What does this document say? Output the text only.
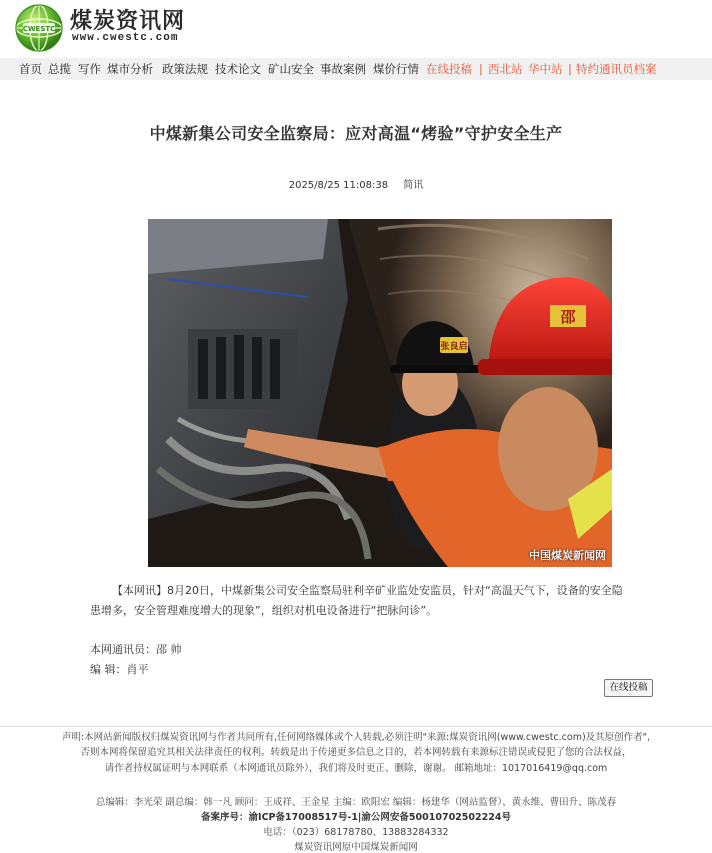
CWESTC 煤炭资讯网
www.cwestc.com
首页 总揽 写作 煤市分析 政策法规 技术论文 矿山安全 事故案例 煤价行情 在线投稿 | 西北站 华中站 | 特约通讯员档案
中煤新集公司安全监察局：应对高温“烤验”守护安全生产
2025/8/25 11:08:38 简讯
张良启
邵
中国煤炭新闻网
【本网讯】8月20日，中煤新集公司安全监察局驻利辛矿业监处安监员，针对“高温天气下，设备的安全隐患增多，安全管理难度增大的现象”，组织对机电设备进行“把脉问诊”。
本网通讯员：邵 帅
编 辑：肖平
在线投稿
声明:本网站新闻版权归煤炭资讯网与作者共同所有,任何网络媒体或个人转载,必须注明"来源:煤炭资讯网(www.cwestc.com)及其原创作者",
否则本网将保留追究其相关法律责任的权利。转载是出于传递更多信息之目的，若本网转载有来源标注错误或侵犯了您的合法权益，
请作者持权属证明与本网联系（本网通讯员除外），我们将及时更正、删除，谢谢。 邮箱地址：1017016419@qq.com
总编辑：李光荣 副总编：韩一凡 顾问：王成祥、王金星 主编：欧阳宏 编辑：杨建华（网站监督）、黄永维、曹田升、陈茂春
备案序号：渝ICP备17008517号-1|渝公网安备50010702502224号
电话：（023）68178780、13883284332
煤炭资讯网原中国煤炭新闻网
